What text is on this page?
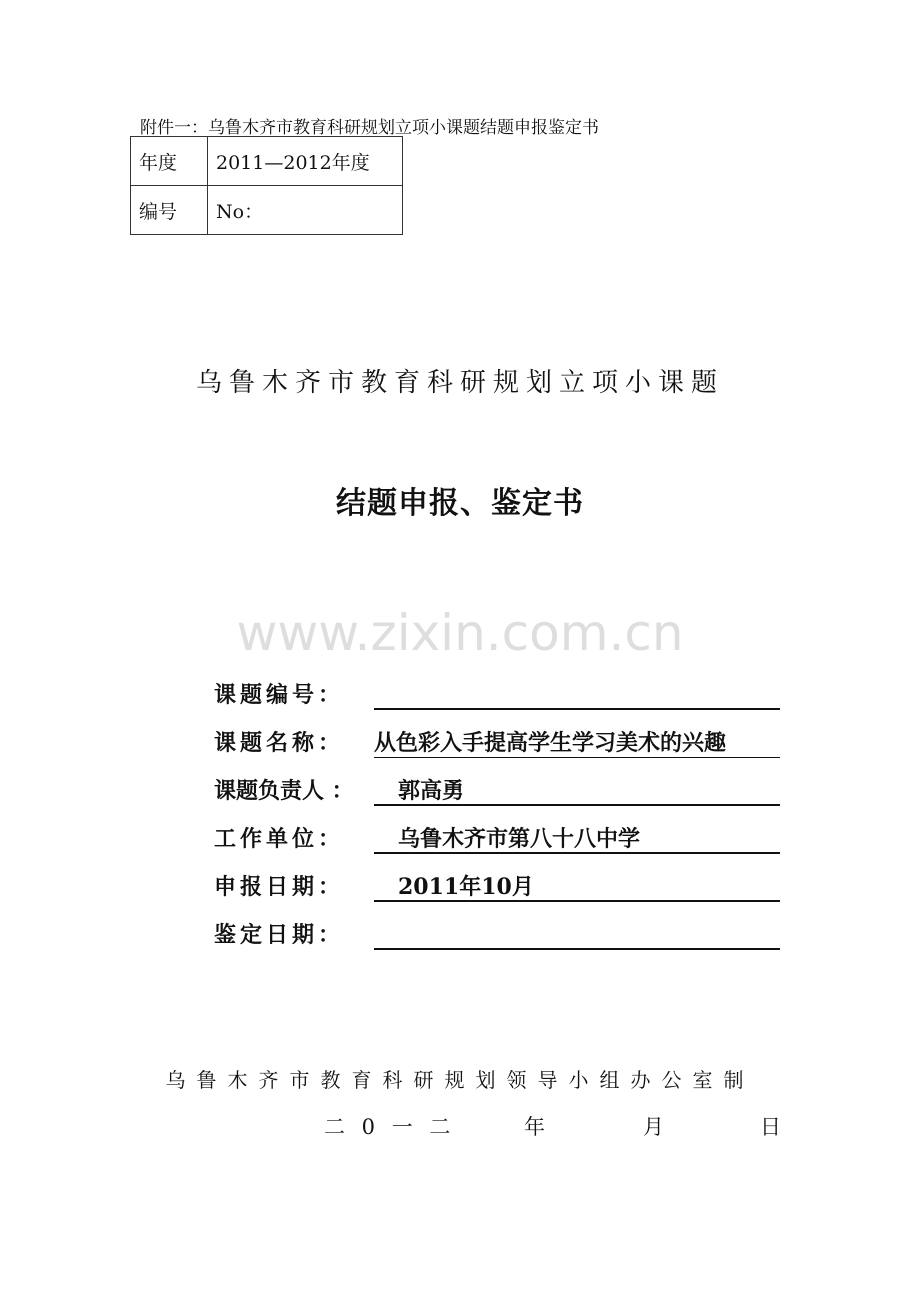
附件一：乌鲁木齐市教育科研规划立项小课题结题申报鉴定书
年度	2011—2012年度
编号	No：
乌鲁木齐市教育科研规划立项小课题
结题申报、鉴定书
www.zixin.com.cn
课题编号：
课题名称： 从色彩入手提高学生学习美术的兴趣
课题负责人 ：	郭高勇
工作单位：	乌鲁木齐市第八十八中学
申报日期：	2011年10月
鉴定日期：
乌鲁木齐市教育科研规划领导小组办公室制
二 0 一 二	年	月	日
